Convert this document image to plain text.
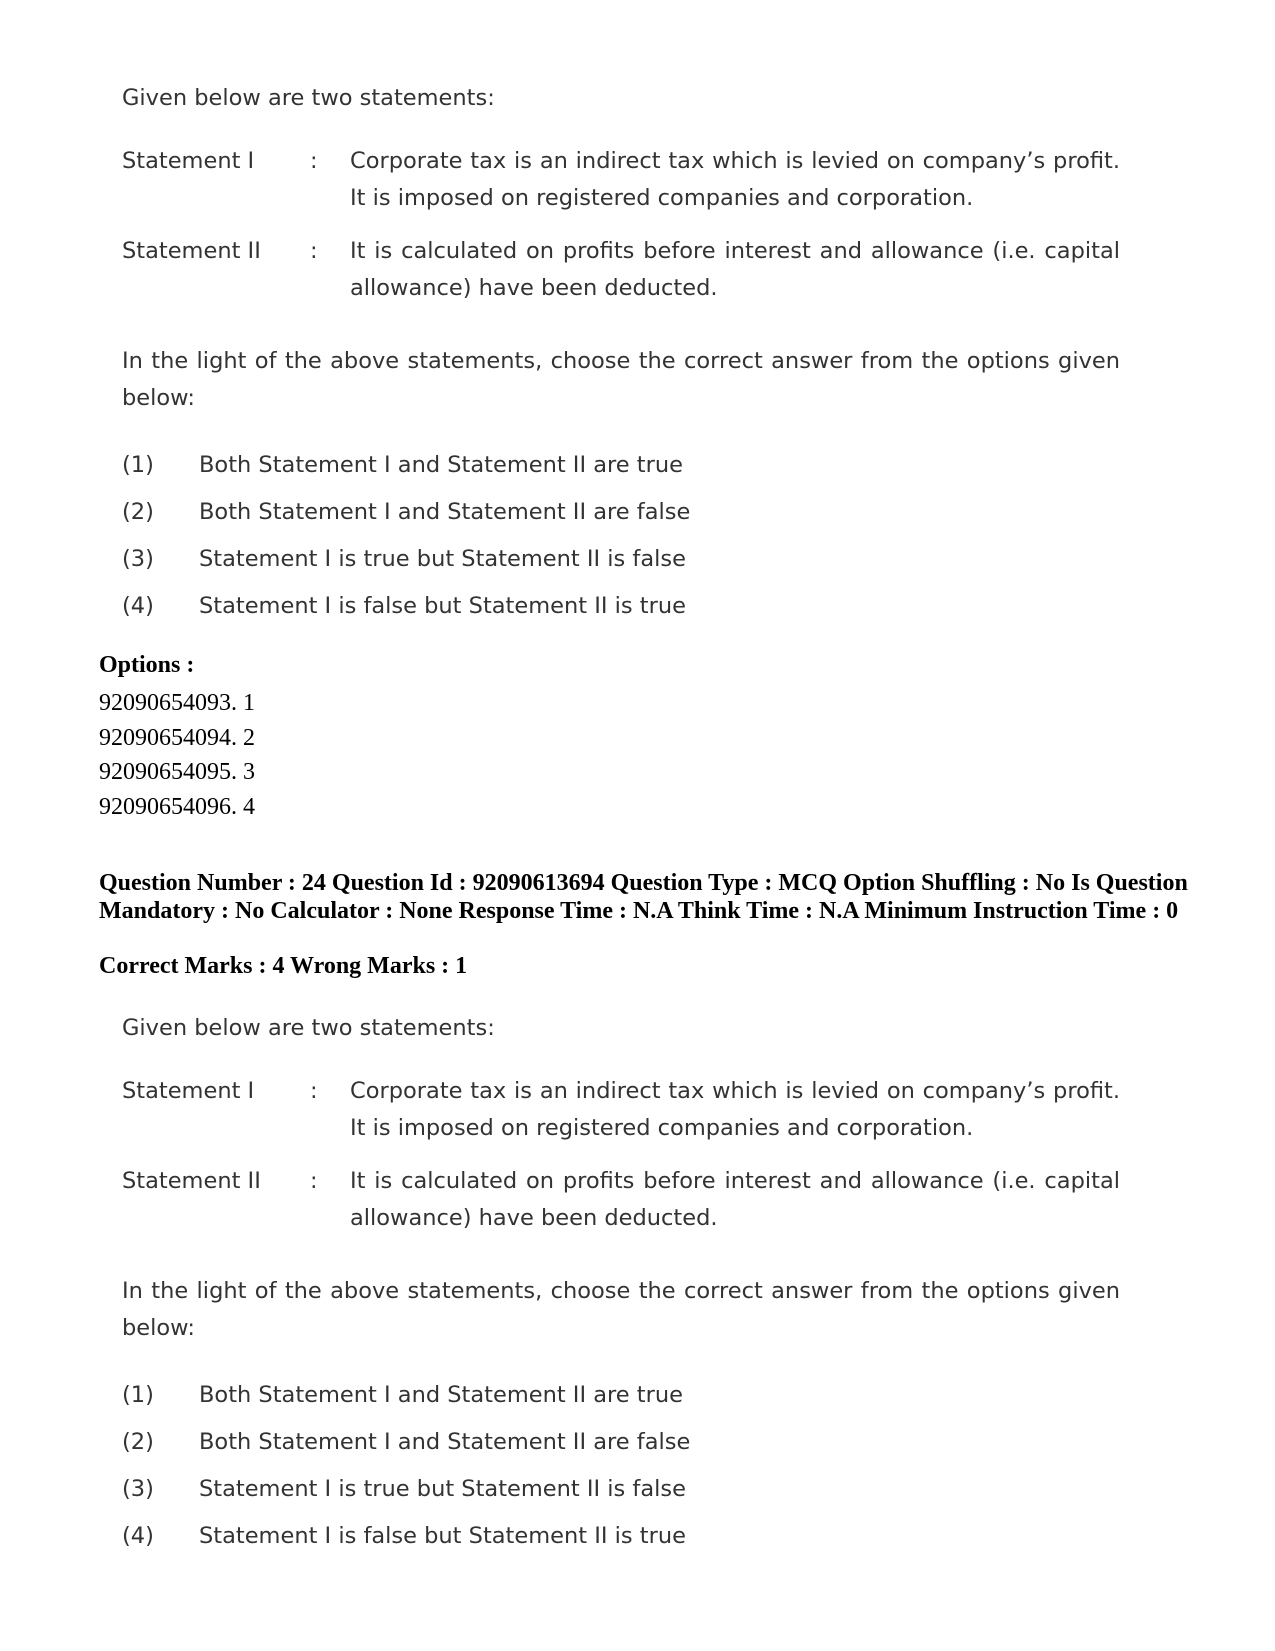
Given below are two statements:
Statement I : Corporate tax is an indirect tax which is levied on company’s profit. It is imposed on registered companies and corporation.
Statement II : It is calculated on profits before interest and allowance (i.e. capital allowance) have been deducted.
In the light of the above statements, choose the correct answer from the options given below:
(1) Both Statement I and Statement II are true
(2) Both Statement I and Statement II are false
(3) Statement I is true but Statement II is false
(4) Statement I is false but Statement II is true
Options :
92090654093. 1
92090654094. 2
92090654095. 3
92090654096. 4
Question Number : 24 Question Id : 92090613694 Question Type : MCQ Option Shuffling : No Is Question Mandatory : No Calculator : None Response Time : N.A Think Time : N.A Minimum Instruction Time : 0
Correct Marks : 4 Wrong Marks : 1
Given below are two statements:
Statement I : Corporate tax is an indirect tax which is levied on company’s profit. It is imposed on registered companies and corporation.
Statement II : It is calculated on profits before interest and allowance (i.e. capital allowance) have been deducted.
In the light of the above statements, choose the correct answer from the options given below:
(1) Both Statement I and Statement II are true
(2) Both Statement I and Statement II are false
(3) Statement I is true but Statement II is false
(4) Statement I is false but Statement II is true
